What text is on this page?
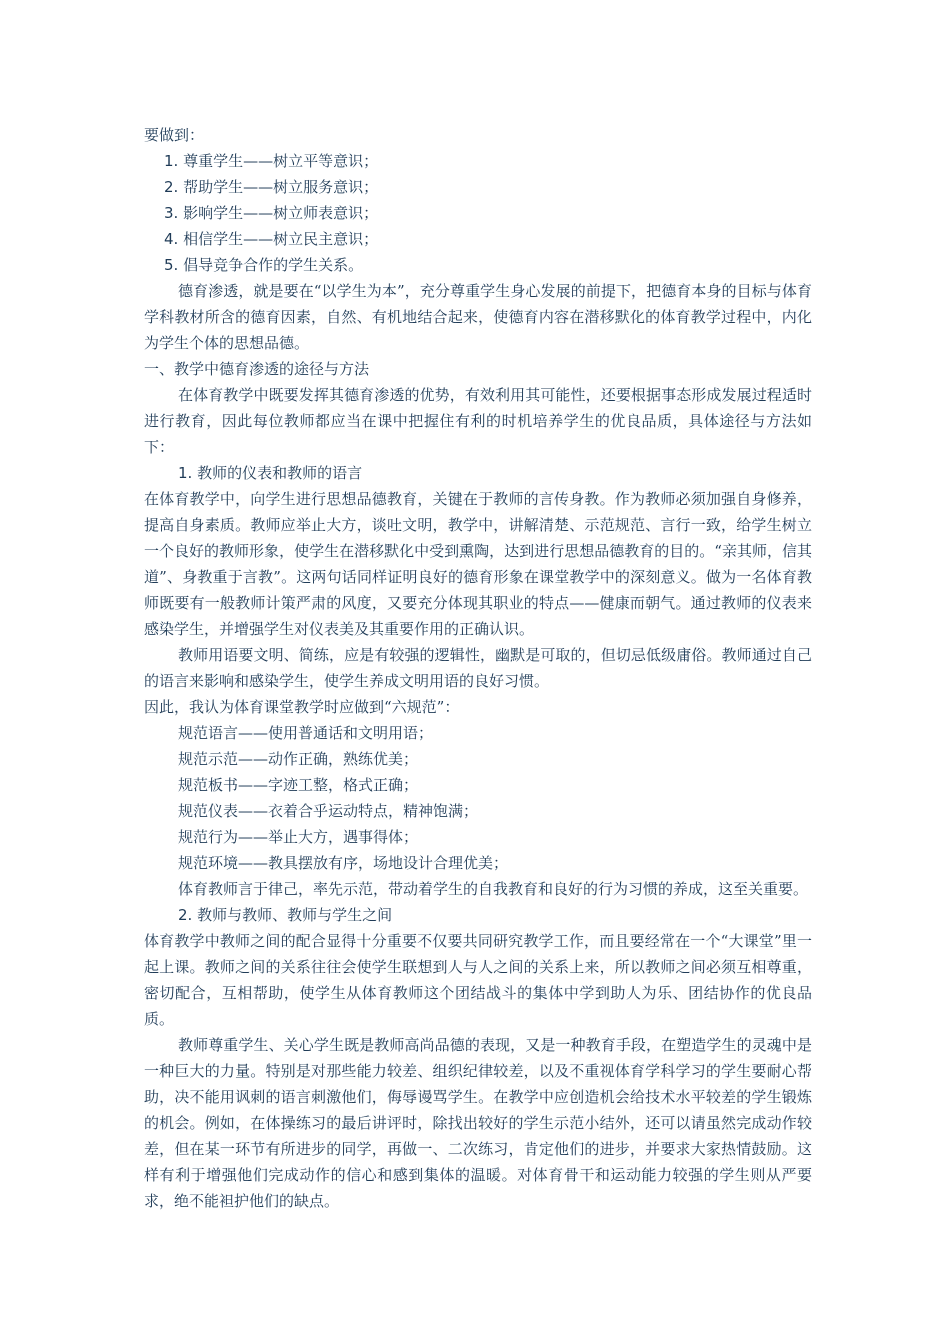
要做到：

1. 尊重学生——树立平等意识；
2. 帮助学生——树立服务意识；
3. 影响学生——树立师表意识；
4. 相信学生——树立民主意识；
5. 倡导竞争合作的学生关系。

德育渗透，就是要在“以学生为本”，充分尊重学生身心发展的前提下，把德育本身的目标与体育学科教材所含的德育因素，自然、有机地结合起来，使德育内容在潜移默化的体育教学过程中，内化为学生个体的思想品德。

一、教学中德育渗透的途径与方法

在体育教学中既要发挥其德育渗透的优势，有效利用其可能性，还要根据事态形成发展过程适时进行教育，因此每位教师都应当在课中把握住有利的时机培养学生的优良品质，具体途径与方法如下：

1. 教师的仪表和教师的语言

在体育教学中，向学生进行思想品德教育，关键在于教师的言传身教。作为教师必须加强自身修养，提高自身素质。教师应举止大方，谈吐文明，教学中，讲解清楚、示范规范、言行一致，给学生树立一个良好的教师形象，使学生在潜移默化中受到熏陶，达到进行思想品德教育的目的。“亲其师，信其道”、身教重于言教”。这两句话同样证明良好的德育形象在课堂教学中的深刻意义。做为一名体育教师既要有一般教师计策严肃的风度，又要充分体现其职业的特点——健康而朝气。通过教师的仪表来感染学生，并增强学生对仪表美及其重要作用的正确认识。

教师用语要文明、简练，应是有较强的逻辑性，幽默是可取的，但切忌低级庸俗。教师通过自己的语言来影响和感染学生，使学生养成文明用语的良好习惯。

因此，我认为体育课堂教学时应做到“六规范”：

规范语言——使用普通话和文明用语；

规范示范——动作正确，熟练优美；

规范板书——字迹工整，格式正确；

规范仪表——衣着合乎运动特点，精神饱满；

规范行为——举止大方，遇事得体；

规范环境——教具摆放有序，场地设计合理优美；

体育教师言于律己，率先示范，带动着学生的自我教育和良好的行为习惯的养成，这至关重要。

2. 教师与教师、教师与学生之间

体育教学中教师之间的配合显得十分重要不仅要共同研究教学工作，而且要经常在一个“大课堂”里一起上课。教师之间的关系往往会使学生联想到人与人之间的关系上来，所以教师之间必须互相尊重，密切配合，互相帮助，使学生从体育教师这个团结战斗的集体中学到助人为乐、团结协作的优良品质。

教师尊重学生、关心学生既是教师高尚品德的表现，又是一种教育手段，在塑造学生的灵魂中是一种巨大的力量。特别是对那些能力较差、组织纪律较差，以及不重视体育学科学习的学生要耐心帮助，决不能用讽刺的语言刺激他们，侮辱谩骂学生。在教学中应创造机会给技术水平较差的学生锻炼的机会。例如，在体操练习的最后讲评时，除找出较好的学生示范小结外，还可以请虽然完成动作较差，但在某一环节有所进步的同学，再做一、二次练习，肯定他们的进步，并要求大家热情鼓励。这样有利于增强他们完成动作的信心和感到集体的温暖。对体育骨干和运动能力较强的学生则从严要求，绝不能袒护他们的缺点。
